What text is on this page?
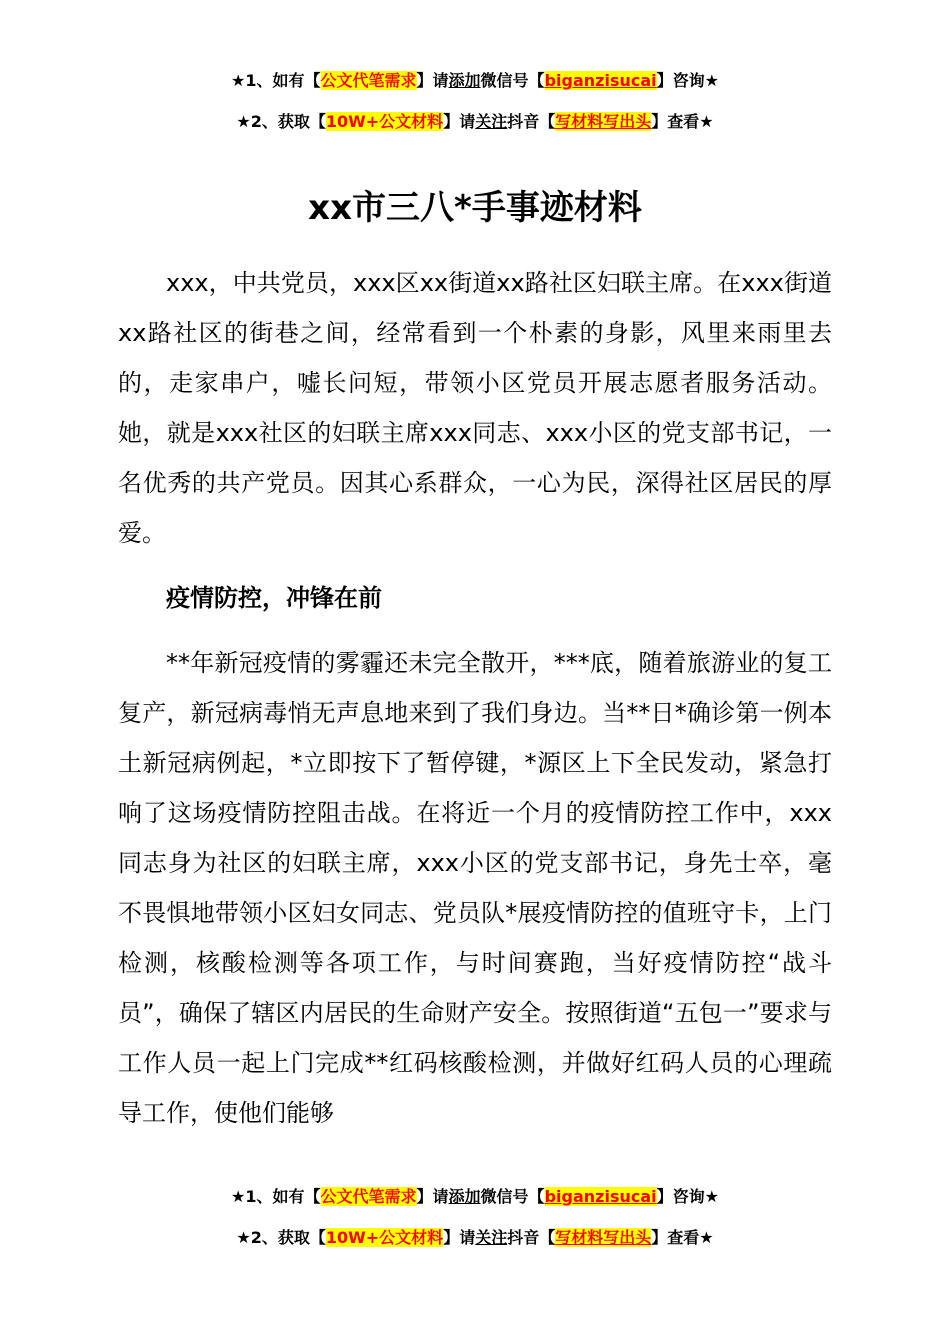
★1、如有【公文代笔需求】请添加微信号【biganzisucai】咨询★
★2、获取【10W+公文材料】请关注抖音【写材料写出头】查看★
xx市三八*手事迹材料

xxx，中共党员，xxx区xx街道xx路社区妇联主席。在xxx街道xx路社区的街巷之间，经常看到一个朴素的身影，风里来雨里去的，走家串户，嘘长问短，带领小区党员开展志愿者服务活动。她，就是xxx社区的妇联主席xxx同志、xxx小区的党支部书记，一名优秀的共产党员。因其心系群众，一心为民，深得社区居民的厚爱。

疫情防控，冲锋在前

**年新冠疫情的雾霾还未完全散开，***底，随着旅游业的复工复产，新冠病毒悄无声息地来到了我们身边。当**日*确诊第一例本土新冠病例起，*立即按下了暂停键，*源区上下全民发动，紧急打响了这场疫情防控阻击战。在将近一个月的疫情防控工作中，xxx同志身为社区的妇联主席，xxx小区的党支部书记，身先士卒，毫不畏惧地带领小区妇女同志、党员队*展疫情防控的值班守卡，上门检测，核酸检测等各项工作，与时间赛跑，当好疫情防控“战斗员”，确保了辖区内居民的生命财产安全。按照街道“五包一”要求与工作人员一起上门完成**红码核酸检测，并做好红码人员的心理疏导工作，使他们能够

★1、如有【公文代笔需求】请添加微信号【biganzisucai】咨询★
★2、获取【10W+公文材料】请关注抖音【写材料写出头】查看★
